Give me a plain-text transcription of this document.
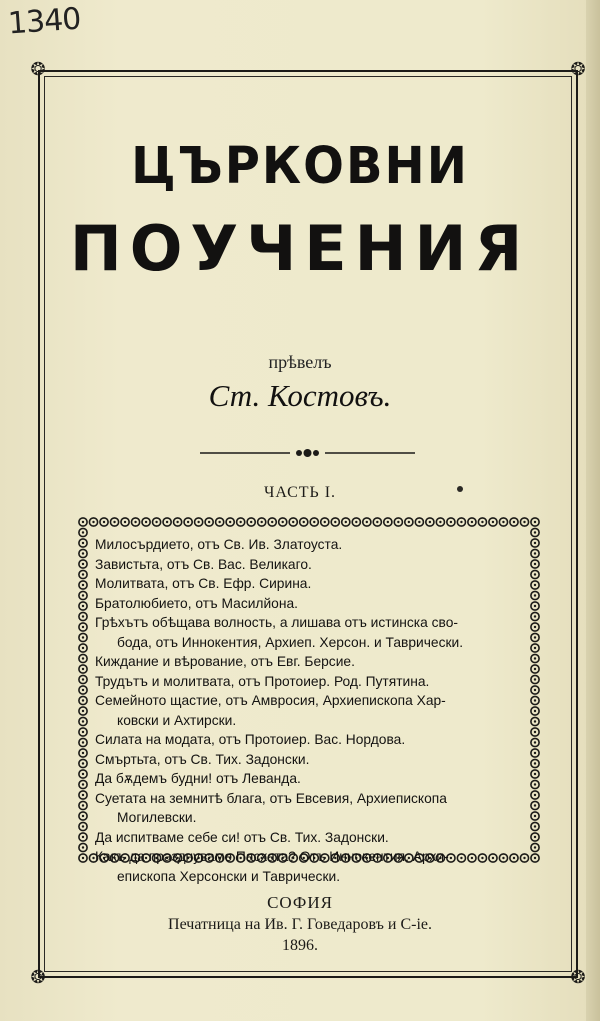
1340
❂	❂
❂	❂
ЦЪРКОВНИ
ПОУЧЕНИЯ
прѣвелъ
Ст. Костовъ.
ЧАСТЬ I.
Милосърдието, отъ Св. Ив. Златоуста.
Завистьта, отъ Св. Вас. Великаго.
Молитвата, отъ Св. Ефр. Сирина.
Братолюбието, отъ Масилйона.
Грѣхътъ обѣщава волность, а лишава отъ истинска сво-
бода, отъ Иннокентия, Архиеп. Херсон. и Таврически.
Киждание и вѣрование, отъ Евг. Берсие.
Трудътъ и молитвата, отъ Протоиер. Род. Путятина.
Семейното щастие, отъ Амвросия, Архиепископа Хар-
ковски и Ахтирски.
Силата на модата, отъ Протоиер. Вас. Нордова.
Смъртьта, отъ Св. Тих. Задонски.
Да бѫдемъ будни! отъ Леванда.
Суетата на земнитѣ блага, отъ Евсевия, Архиепископа
Могилевски.
Да испитваме себе си! отъ Св. Тих. Задонски.
Какъ да празднуваме Пасхата? Отъ Иннокентия, Архи-
епископа Херсонски и Таврически.
СОФИЯ
Печатница на Ив. Г. Говедаровъ и С-ie.
1896.
